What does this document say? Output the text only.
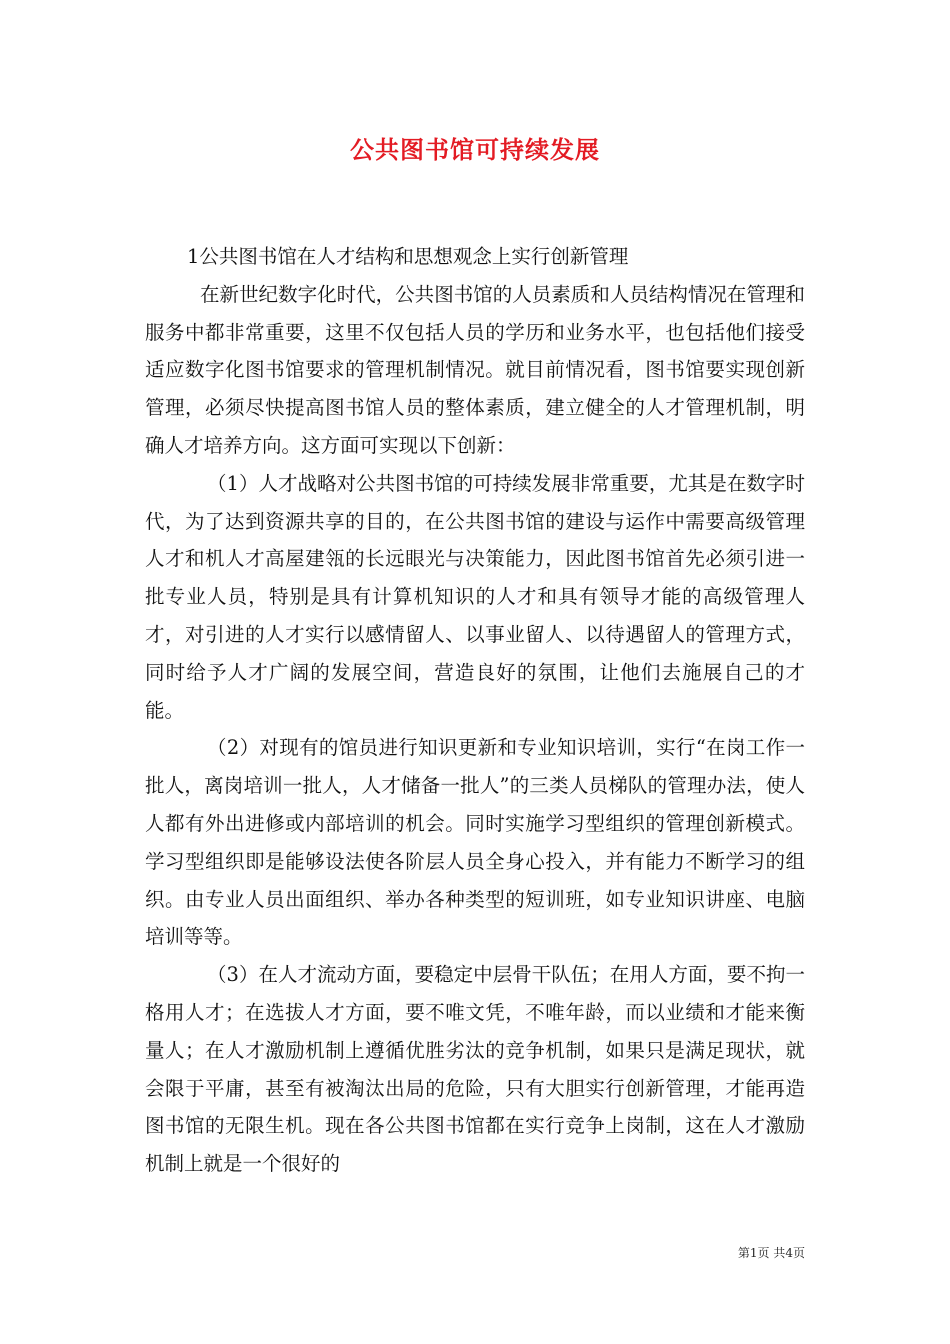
公共图书馆可持续发展

1公共图书馆在人才结构和思想观念上实行创新管理

在新世纪数字化时代，公共图书馆的人员素质和人员结构情况在管理和服务中都非常重要，这里不仅包括人员的学历和业务水平，也包括他们接受适应数字化图书馆要求的管理机制情况。就目前情况看，图书馆要实现创新管理，必须尽快提高图书馆人员的整体素质，建立健全的人才管理机制，明确人才培养方向。这方面可实现以下创新：

（1）人才战略对公共图书馆的可持续发展非常重要，尤其是在数字时代，为了达到资源共享的目的，在公共图书馆的建设与运作中需要高级管理人才和机人才高屋建瓴的长远眼光与决策能力，因此图书馆首先必须引进一批专业人员，特别是具有计算机知识的人才和具有领导才能的高级管理人才，对引进的人才实行以感情留人、以事业留人、以待遇留人的管理方式，同时给予人才广阔的发展空间，营造良好的氛围，让他们去施展自己的才能。

（2）对现有的馆员进行知识更新和专业知识培训，实行“在岗工作一批人，离岗培训一批人，人才储备一批人”的三类人员梯队的管理办法，使人人都有外出进修或内部培训的机会。同时实施学习型组织的管理创新模式。学习型组织即是能够设法使各阶层人员全身心投入，并有能力不断学习的组织。由专业人员出面组织、举办各种类型的短训班，如专业知识讲座、电脑培训等等。

（3）在人才流动方面，要稳定中层骨干队伍；在用人方面，要不拘一格用人才；在选拔人才方面，要不唯文凭，不唯年龄，而以业绩和才能来衡量人；在人才激励机制上遵循优胜劣汰的竞争机制，如果只是满足现状，就会限于平庸，甚至有被淘汰出局的危险，只有大胆实行创新管理，才能再造图书馆的无限生机。现在各公共图书馆都在实行竞争上岗制，这在人才激励机制上就是一个很好的

第1页 共4页
